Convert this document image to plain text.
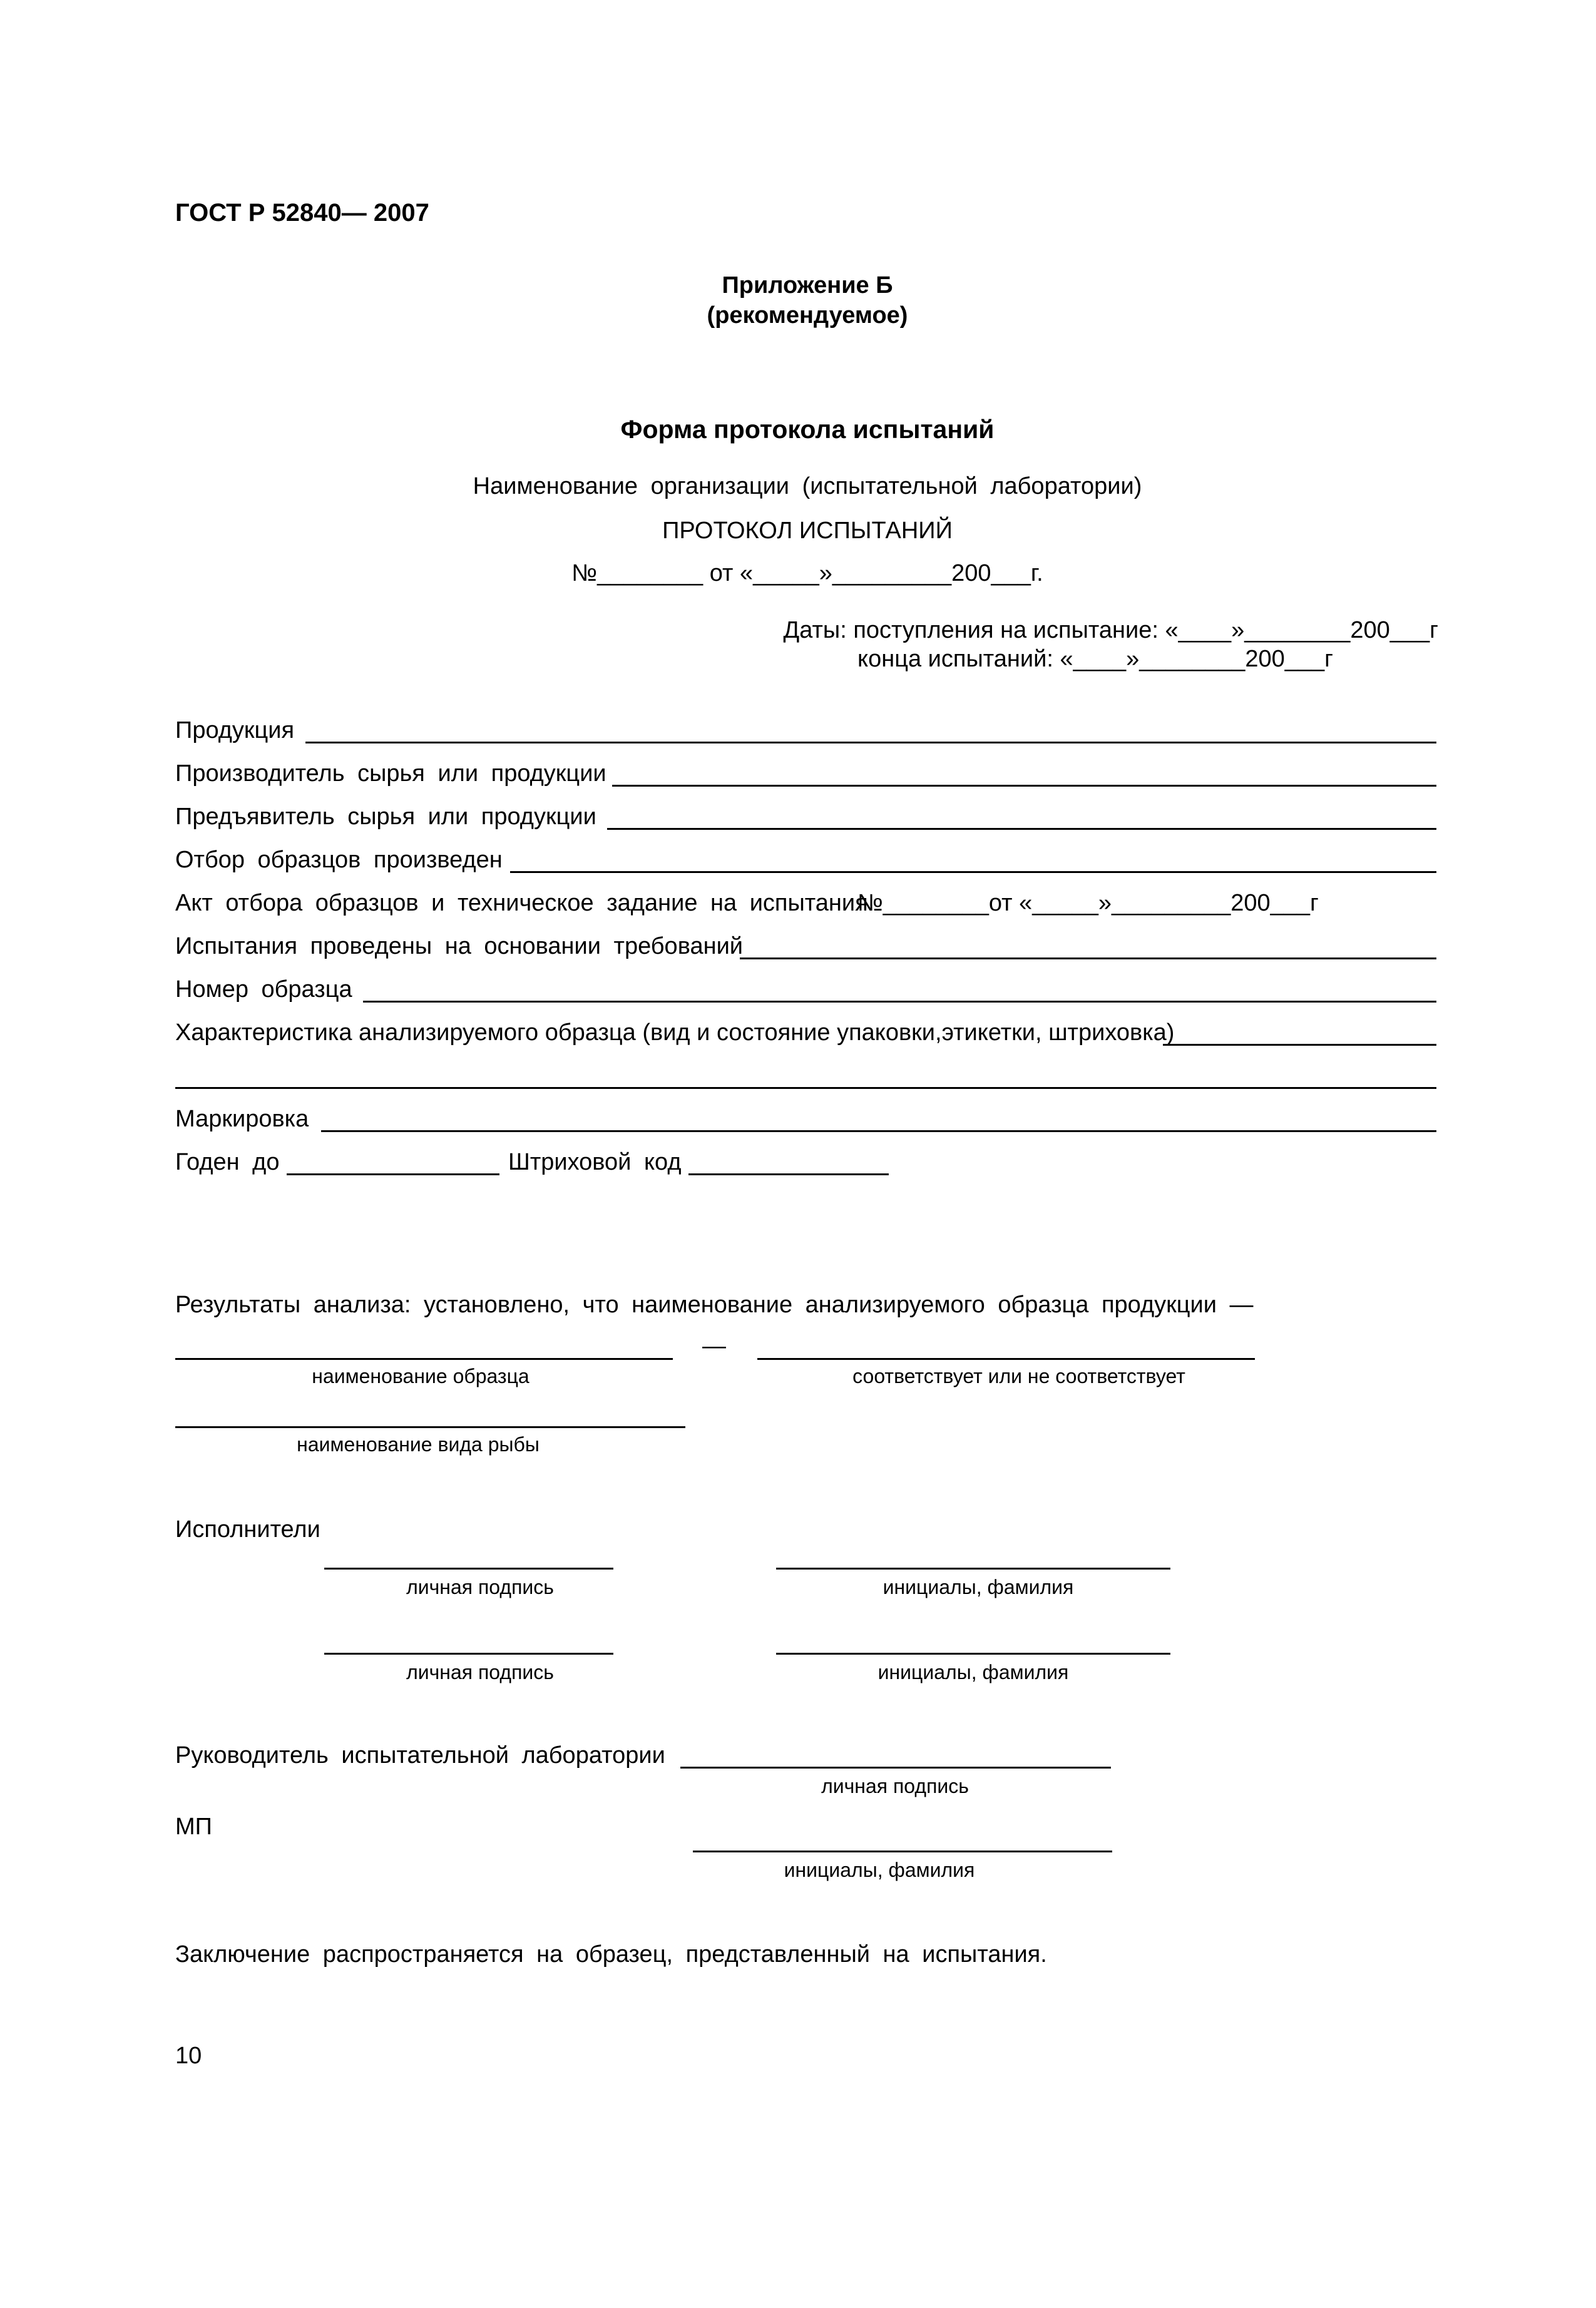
ГОСТ Р 52840— 2007
Приложение Б
(рекомендуемое)
Форма протокола испытаний
Наименование организации (испытательной лаборатории)
ПРОТОКОЛ ИСПЫТАНИЙ
№________ от «_____»_________200___г.
Даты: поступления на испытание: «____»________200___г
конца испытаний: «____»________200___г
Продукция
Производитель сырья или продукции
Предъявитель сырья или продукции
Отбор образцов произведен
Акт отбора образцов и техническое задание на испытания
№________от «_____»_________200___г
Испытания проведены на основании требований
Номер образца
Характеристика анализируемого образца (вид и состояние упаковки,этикетки, штриховка)
Маркировка
Годен до	Штриховой код
Результаты анализа: установлено, что наименование анализируемого образца продукции —
—
наименование образца	соответствует или не соответствует
наименование вида рыбы
Исполнители
личная подпись	инициалы, фамилия
личная подпись	инициалы, фамилия
Руководитель испытательной лаборатории
личная подпись
МП
инициалы, фамилия
Заключение распространяется на образец, представленный на испытания.
10
